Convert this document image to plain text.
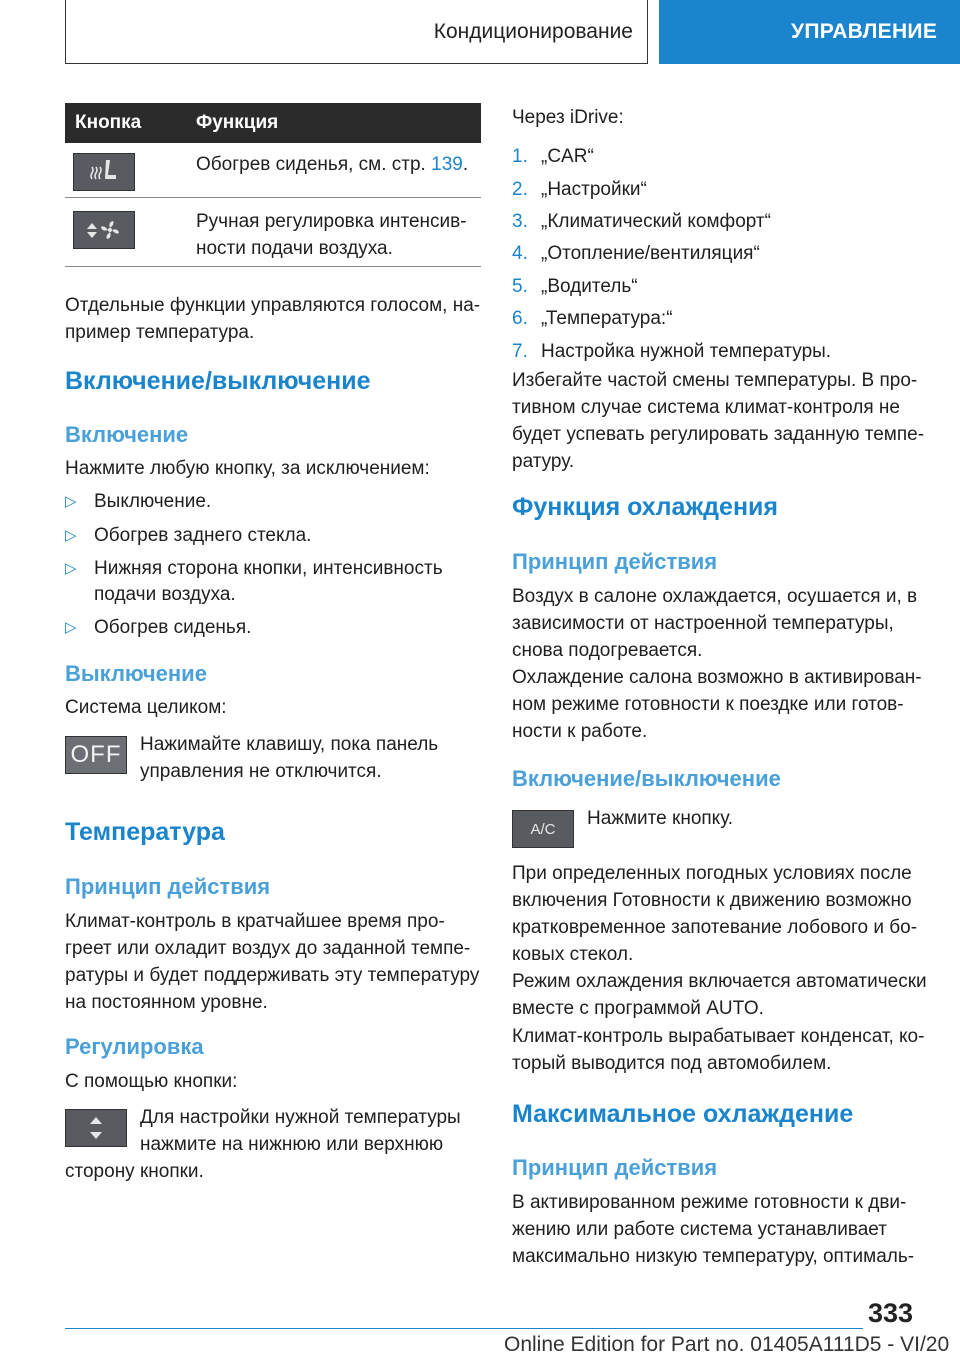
Кондиционирование	УПРАВЛЕНИЕ
Кнопка	Функция
Обогрев сиденья, см. стр. 139.
Ручная регулировка интенсив-
ности подачи воздуха.
Отдельные функции управляются голосом, на-
пример температура.
Включение/выключение
Включение
Нажмите любую кнопку, за исключением:
▷ Выключение.
▷ Обогрев заднего стекла.
▷ Нижняя сторона кнопки, интенсивность
подачи воздуха.
▷ Обогрев сиденья.
Выключение
Система целиком:
OFF Нажимайте клавишу, пока панель
управления не отключится.
Температура
Принцип действия
Климат-контроль в кратчайшее время про-
греет или охладит воздух до заданной темпе-
ратуры и будет поддерживать эту температуру
на постоянном уровне.
Регулировка
С помощью кнопки:
Для настройки нужной температуры
нажмите на нижнюю или верхнюю
сторону кнопки.
Через iDrive:
1. „CAR“
2. „Настройки“
3. „Климатический комфорт“
4. „Отопление/вентиляция“
5. „Водитель“
6. „Температура:“
7. Настройка нужной температуры.
Избегайте частой смены температуры. В про-
тивном случае система климат-контроля не
будет успевать регулировать заданную темпе-
ратуру.
Функция охлаждения
Принцип действия
Воздух в салоне охлаждается, осушается и, в
зависимости от настроенной температуры,
снова подогревается.
Охлаждение салона возможно в активирован-
ном режиме готовности к поездке или готов-
ности к работе.
Включение/выключение
A/C	Нажмите кнопку.
При определенных погодных условиях после
включения Готовности к движению возможно
кратковременное запотевание лобового и бо-
ковых стекол.
Режим охлаждения включается автоматически
вместе с программой AUTO.
Климат-контроль вырабатывает конденсат, ко-
торый выводится под автомобилем.
Максимальное охлаждение
Принцип действия
В активированном режиме готовности к дви-
жению или работе система устанавливает
максимально низкую температуру, оптималь-
333
Online Edition for Part no. 01405A111D5 - VI/20
